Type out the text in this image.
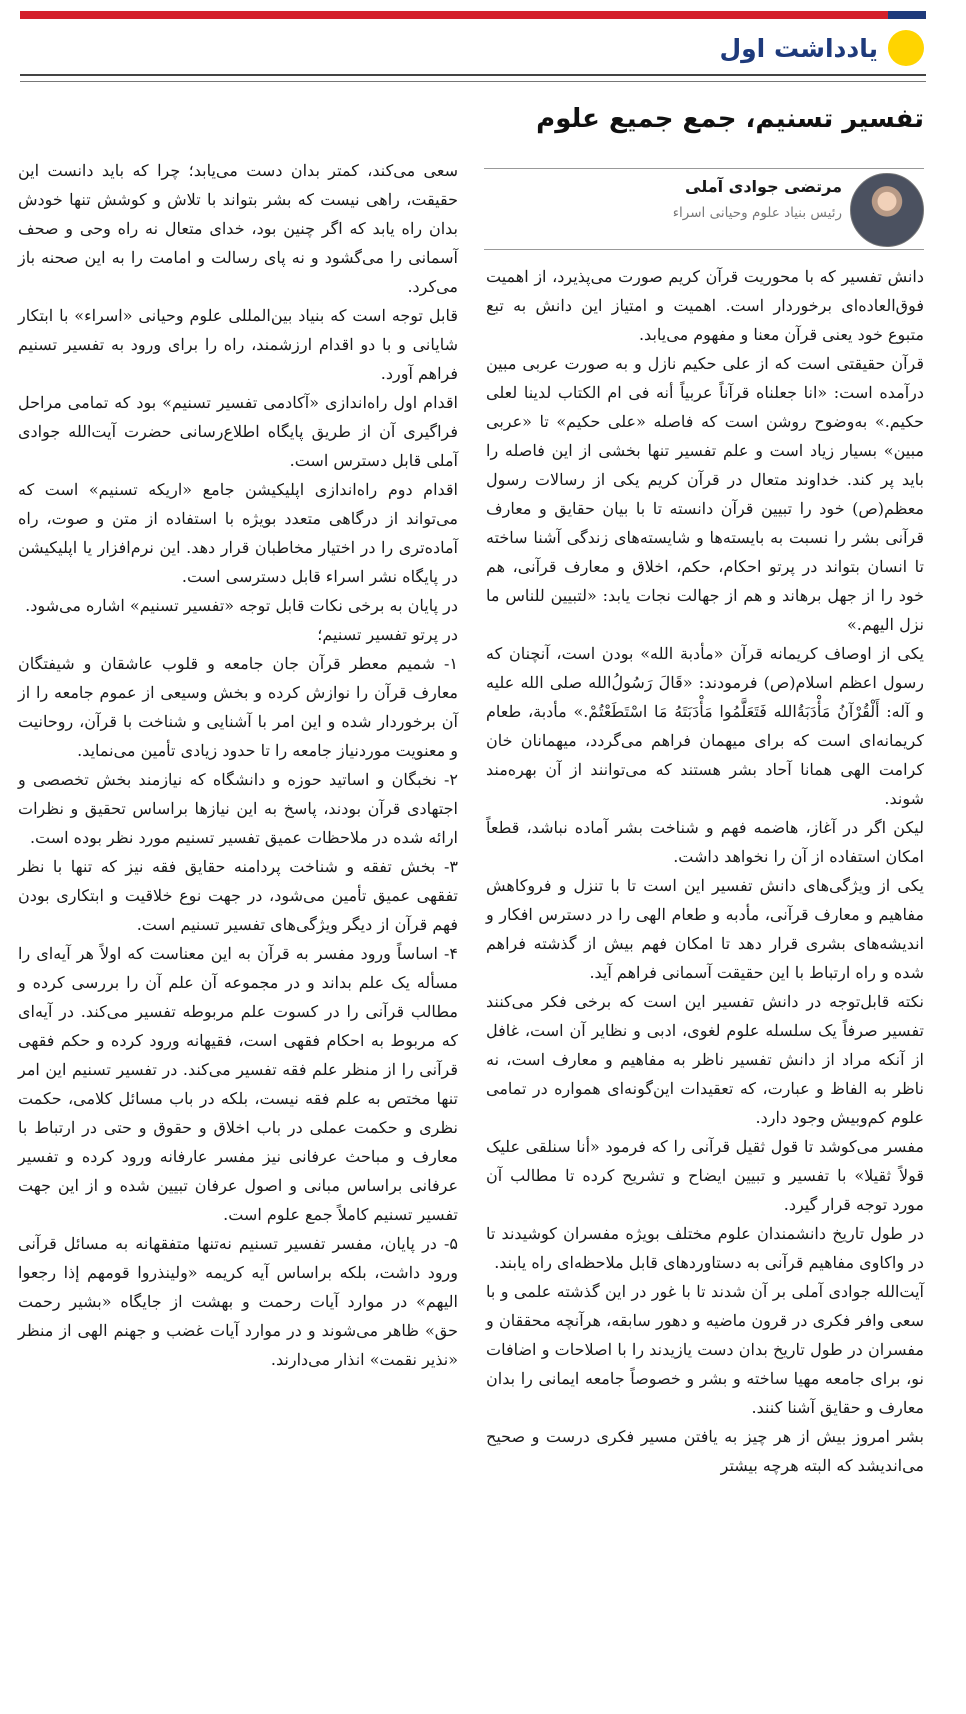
یادداشت اول
تفسیر تسنیم، جمع جمیع علوم
مرتضی جوادی آملی
رئیس بنیاد علوم وحیانی اسراء

دانش تفسیر که با محوریت قرآن کریم صورت می‌پذیرد، از اهمیت فوق‌العاده‌ای برخوردار است. اهمیت و امتیاز این دانش به تبع متبوع خود یعنی قرآن معنا و مفهوم می‌یابد.

قرآن حقیقتی است که از علی حکیم نازل و به صورت عربی مبین درآمده است: «انا جعلناه قرآناً عربیاً أنه فی ام الکتاب لدینا لعلی حکیم.» به‌وضوح روشن است که فاصله «علی حکیم» تا «عربی مبین» بسیار زیاد است و علم تفسیر تنها بخشی از این فاصله را باید پر کند. خداوند متعال در قرآن کریم یکی از رسالات رسول معظم(ص) خود را تبیین قرآن دانسته تا با بیان حقایق و معارف قرآنی بشر را نسبت به بایسته‌ها و شایسته‌های زندگی آشنا ساخته تا انسان بتواند در پرتو احکام، حکم، اخلاق و معارف قرآنی، هم خود را از جهل برهاند و هم از جهالت نجات یابد: «لتبیین للناس ما نزل الیهم.»

یکی از اوصاف کریمانه قرآن «مأدبة الله» بودن است، آنچنان که رسول اعظم اسلام(ص) فرمودند: «قَالَ رَسُولُ‌الله صلی الله علیه و آله: أَلْقُرْآنُ مَأْدَبَةُ‌الله فَتَعَلَّمُوا مَأْدَبَتَهُ مَا اسْتَطَعْتُمْ.» مأدبة، طعام کریمانه‌ای است که برای میهمان فراهم می‌گردد، میهمانان خان کرامت الهی همانا آحاد بشر هستند که می‌توانند از آن بهره‌مند شوند.

لیکن اگر در آغاز، هاضمه فهم و شناخت بشر آماده نباشد، قطعاً امکان استفاده از آن را نخواهد داشت.

یکی از ویژگی‌های دانش تفسیر این است تا با تنزل و فروکاهش مفاهیم و معارف قرآنی، مأدبه و طعام الهی را در دسترس افکار و اندیشه‌های بشری قرار دهد تا امکان فهم بیش از گذشته فراهم شده و راه ارتباط با این حقیقت آسمانی فراهم آید.

نکته قابل‌توجه در دانش تفسیر این است که برخی فکر می‌کنند تفسیر صرفاً یک سلسله علوم لغوی، ادبی و نظایر آن است، غافل از آنکه مراد از دانش تفسیر ناظر به مفاهیم و معارف است، نه ناظر به الفاظ و عبارت، که تعقیدات این‌گونه‌ای همواره در تمامی علوم کم‌وبیش وجود دارد.

مفسر می‌کوشد تا قول ثقیل قرآنی را که فرمود «أنا سنلقی علیک قولاً ثقیلا» با تفسیر و تبیین ایضاح و تشریح کرده تا مطالب آن مورد توجه قرار گیرد.

در طول تاریخ دانشمندان علوم مختلف بویژه مفسران کوشیدند تا در واکاوی مفاهیم قرآنی به دستاوردهای قابل ملاحظه‌ای راه یابند.

آیت‌الله جوادی آملی بر آن شدند تا با غور در این گذشته علمی و با سعی وافر فکری در قرون ماضیه و دهور سابقه، هرآنچه محققان و مفسران در طول تاریخ بدان دست یازیدند را با اصلاحات و اضافات نو، برای جامعه مهیا ساخته و بشر و خصوصاً جامعه ایمانی را بدان معارف و حقایق آشنا کنند.

بشر امروز بیش از هر چیز به یافتن مسیر فکری درست و صحیح می‌اندیشد که البته هرچه بیشتر

سعی می‌کند، کمتر بدان دست می‌یابد؛ چرا که باید دانست این حقیقت، راهی نیست که بشر بتواند با تلاش و کوشش تنها خودش بدان راه یابد که اگر چنین بود، خدای متعال نه راه وحی و صحف آسمانی را می‌گشود و نه پای رسالت و امامت را به این صحنه باز می‌کرد.

قابل توجه است که بنیاد بین‌المللی علوم وحیانی «اسراء» با ابتکار شایانی و با دو اقدام ارزشمند، راه را برای ورود به تفسیر تسنیم فراهم آورد.

اقدام اول راه‌اندازی «آکادمی تفسیر تسنیم» بود که تمامی مراحل فراگیری آن از طریق پایگاه اطلاع‌رسانی حضرت آیت‌الله جوادی آملی قابل دسترس است.

اقدام دوم راه‌اندازی اپلیکیشن جامع «اریکه تسنیم» است که می‌تواند از درگاهی متعدد بویژه با استفاده از متن و صوت، راه آماده‌تری را در اختیار مخاطبان قرار دهد. این نرم‌افزار یا اپلیکیشن در پایگاه نشر اسراء قابل دسترسی است.

در پایان به برخی نکات قابل توجه «تفسیر تسنیم» اشاره می‌شود.

در پرتو تفسیر تسنیم؛

۱- شمیم معطر قرآن جان جامعه و قلوب عاشقان و شیفتگان معارف قرآن را نوازش کرده و بخش وسیعی از عموم جامعه را از آن برخوردار شده و این امر با آشنایی و شناخت با قرآن، روحانیت و معنویت موردنیاز جامعه را تا حدود زیادی تأمین می‌نماید.

۲- نخبگان و اساتید حوزه و دانشگاه که نیازمند بخش تخصصی و اجتهادی قرآن بودند، پاسخ به این نیازها براساس تحقیق و نظرات ارائه شده در ملاحظات عمیق تفسیر تسنیم مورد نظر بوده است.

۳- بخش تفقه و شناخت پردامنه حقایق فقه نیز که تنها با نظر تفقهی عمیق تأمین می‌شود، در جهت نوع خلاقیت و ابتکاری بودن فهم قرآن از دیگر ویژگی‌های تفسیر تسنیم است.

۴- اساساً ورود مفسر به قرآن به این معناست که اولاً هر آیه‌ای را مسأله یک علم بداند و در مجموعه آن علم آن را بررسی کرده و مطالب قرآنی را در کسوت علم مربوطه تفسیر می‌کند. در آیه‌ای که مربوط به احکام فقهی است، فقیهانه ورود کرده و حکم فقهی قرآنی را از منظر علم فقه تفسیر می‌کند. در تفسیر تسنیم این امر تنها مختص به علم فقه نیست، بلکه در باب مسائل کلامی، حکمت نظری و حکمت عملی در باب اخلاق و حقوق و حتی در ارتباط با معارف و مباحث عرفانی نیز مفسر عارفانه ورود کرده و تفسیر عرفانی براساس مبانی و اصول عرفان تبیین شده و از این جهت تفسیر تسنیم کاملاً جمع علوم است.

۵- در پایان، مفسر تفسیر تسنیم نه‌تنها متفقهانه به مسائل قرآنی ورود داشت، بلکه براساس آیه کریمه «ولینذروا قومهم إذا رجعوا الیهم» در موارد آیات رحمت و بهشت از جایگاه «بشیر رحمت حق» ظاهر می‌شوند و در موارد آیات غضب و جهنم الهی از منظر «نذیر نقمت» انذار می‌دارند.
